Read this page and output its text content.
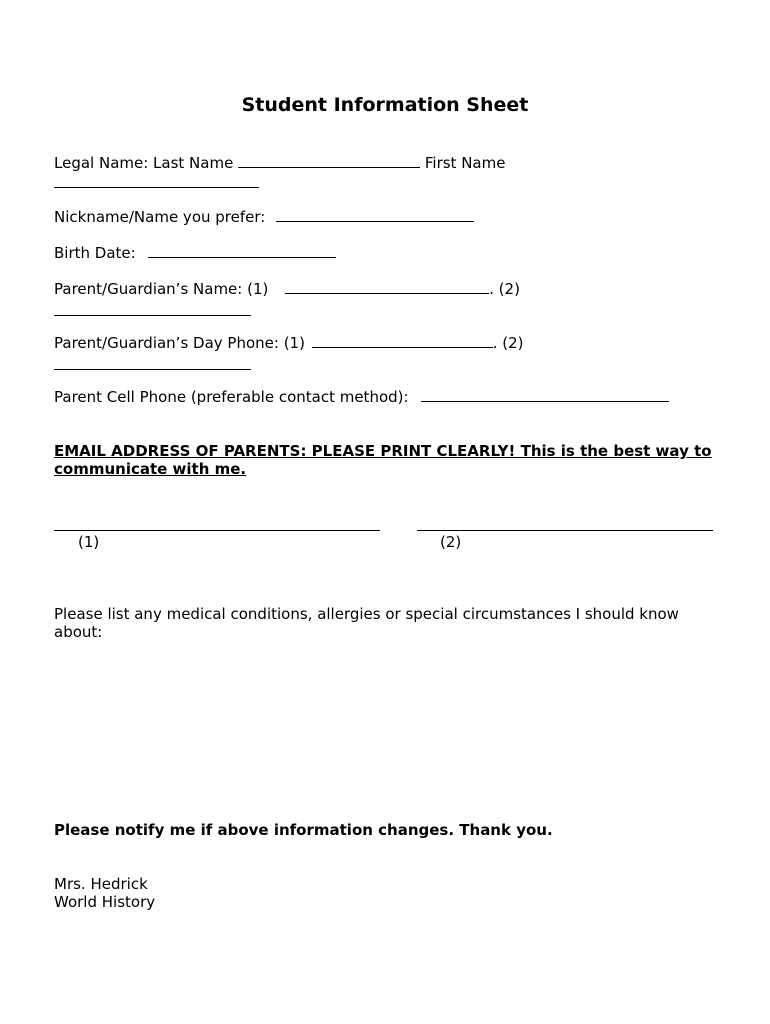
Student Information Sheet
Legal Name: Last Name	First Name
Nickname/Name you prefer:
Birth Date:
Parent/Guardian’s Name: (1)	. (2)
Parent/Guardian’s Day Phone: (1)	. (2)
Parent Cell Phone (preferable contact method):
EMAIL ADDRESS OF PARENTS: PLEASE PRINT CLEARLY! This is the best way to communicate with me.
(1)	(2)
Please list any medical conditions, allergies or special circumstances I should know about:
Please notify me if above information changes. Thank you.
Mrs. Hedrick
World History
